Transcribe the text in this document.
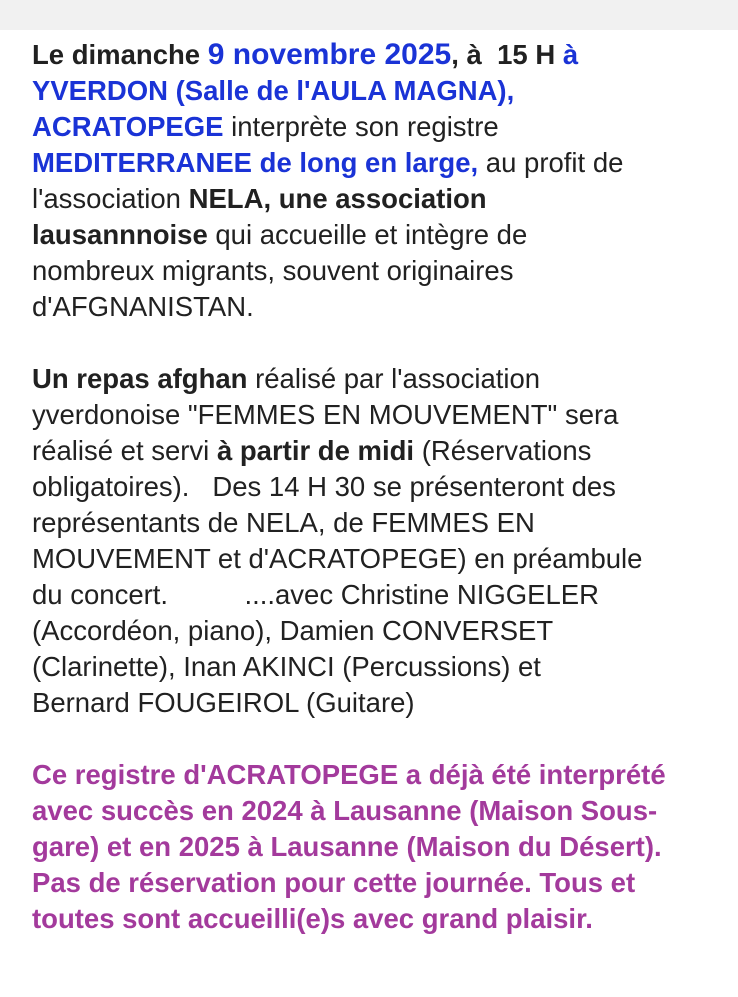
Le dimanche 9 novembre 2025, à  15 H à
YVERDON (Salle de l'AULA MAGNA),
ACRATOPEGE interprète son registre
MEDITERRANEE de long en large, au profit de
l'association NELA, une association
lausannnoise qui accueille et intègre de
nombreux migrants, souvent originaires
d'AFGNANISTAN.
Un repas afghan réalisé par l'association
yverdonoise "FEMMES EN MOUVEMENT" sera
réalisé et servi à partir de midi (Réservations
obligatoires).   Des 14 H 30 se présenteront des
représentants de NELA, de FEMMES EN
MOUVEMENT et d'ACRATOPEGE) en préambule
du concert.          ....avec Christine NIGGELER
(Accordéon, piano), Damien CONVERSET
(Clarinette), Inan AKINCI (Percussions) et
Bernard FOUGEIROL (Guitare)
Ce registre d'ACRATOPEGE a déjà été interprété
avec succès en 2024 à Lausanne (Maison Sous-
gare) et en 2025 à Lausanne (Maison du Désert).
Pas de réservation pour cette journée. Tous et
toutes sont accueilli(e)s avec grand plaisir.
